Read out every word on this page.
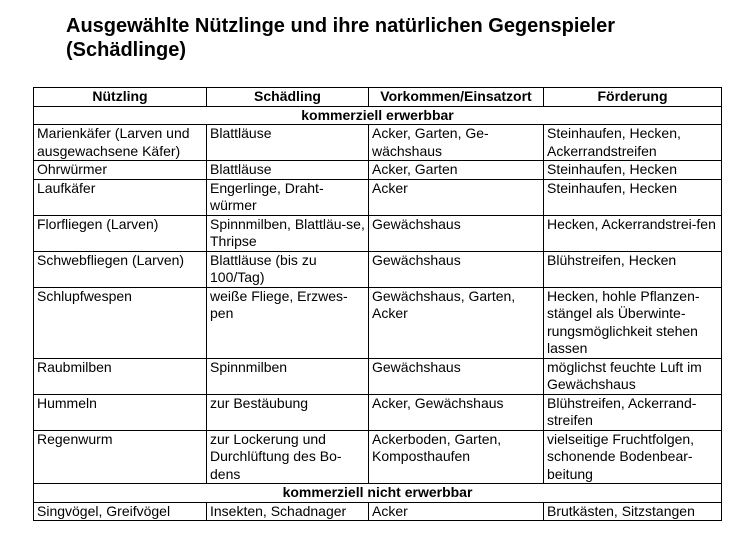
Ausgewählte Nützlinge und ihre natürlichen Gegenspieler (Schädlinge)
Nützling	Schädling	Vorkommen/Einsatzort	Förderung
kommerziell erwerbbar			
Marienkäfer (Larven und ausgewachsene Käfer)	Blattläuse	Acker, Garten, Ge-wächshaus	Steinhaufen, Hecken, Ackerrandstreifen
Ohrwürmer	Blattläuse	Acker, Garten	Steinhaufen, Hecken
Laufkäfer	Engerlinge, Draht-würmer	Acker	Steinhaufen, Hecken
Florfliegen (Larven)	Spinnmilben, Blattläu-se, Thripse	Gewächshaus	Hecken, Ackerrandstrei-fen
Schwebfliegen (Larven)	Blattläuse (bis zu 100/Tag)	Gewächshaus	Blühstreifen, Hecken
Schlupfwespen	weiße Fliege, Erzwes-pen	Gewächshaus, Garten, Acker	Hecken, hohle Pflanzen-stängel als Überwinte-rungsmöglichkeit stehen lassen
Raubmilben	Spinnmilben	Gewächshaus	möglichst feuchte Luft im Gewächshaus
Hummeln	zur Bestäubung	Acker, Gewächshaus	Blühstreifen, Ackerrand-streifen
Regenwurm	zur Lockerung und Durchlüftung des Bo-dens	Ackerboden, Garten, Komposthaufen	vielseitige Fruchtfolgen, schonende Bodenbear-beitung
kommerziell nicht erwerbbar			
Singvögel, Greifvögel	Insekten, Schadnager	Acker	Brutkästen, Sitzstangen
